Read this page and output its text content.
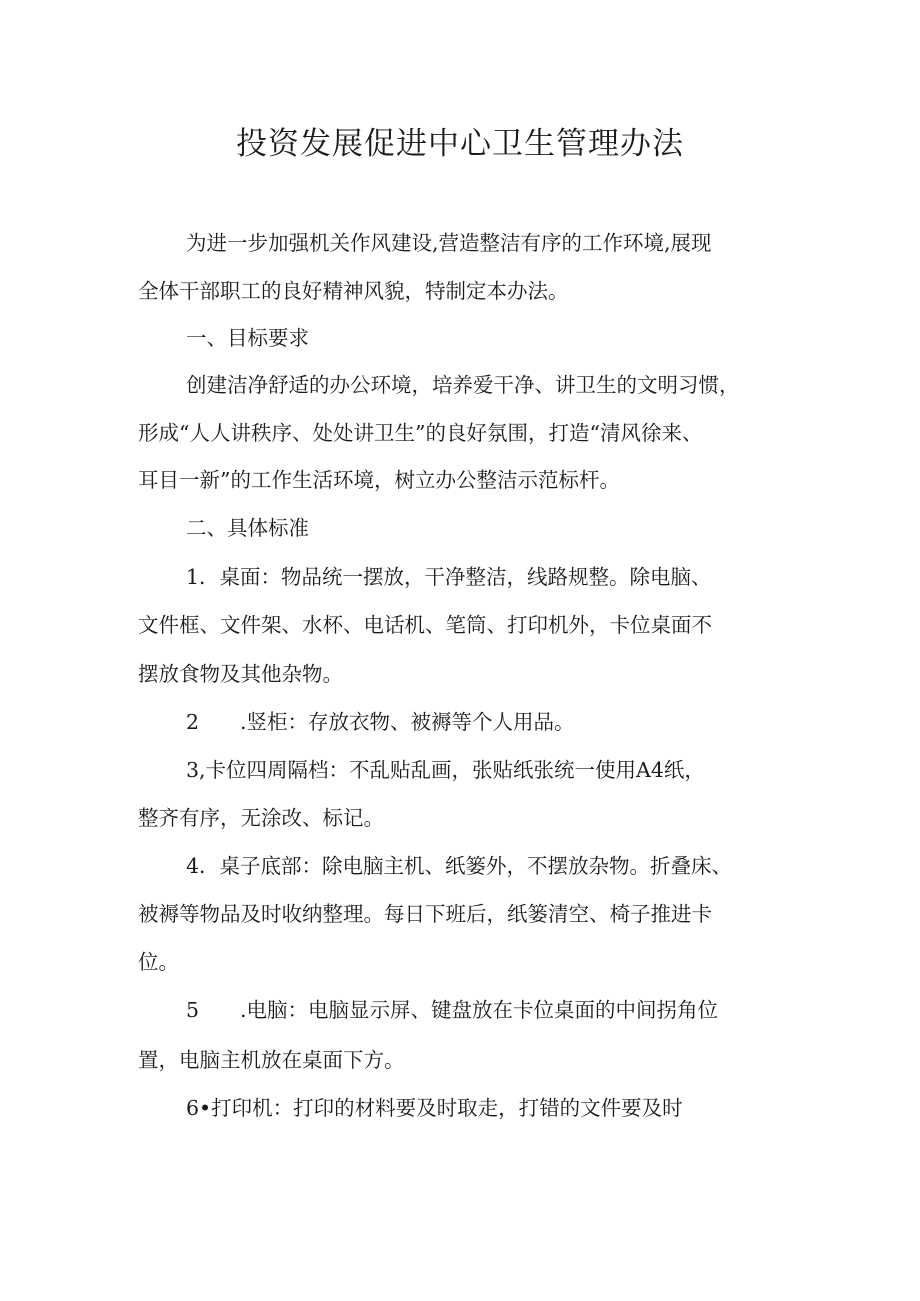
投资发展促进中心卫生管理办法

为进一步加强机关作风建设,营造整洁有序的工作环境,展现

全体干部职工的良好精神风貌，特制定本办法。

一、目标要求

创建洁净舒适的办公环境，培养爱干净、讲卫生的文明习惯，

形成“人人讲秩序、处处讲卫生”的良好氛围，打造“清风徐来、

耳目一新”的工作生活环境，树立办公整洁示范标杆。

二、具体标准

1．桌面：物品统一摆放，干净整洁，线路规整。除电脑、

文件框、文件架、水杯、电话机、笔筒、打印机外，卡位桌面不

摆放食物及其他杂物。

2　　.竖柜：存放衣物、被褥等个人用品。

3,卡位四周隔档：不乱贴乱画，张贴纸张统一使用A4纸，

整齐有序，无涂改、标记。

4．桌子底部：除电脑主机、纸篓外，不摆放杂物。折叠床、

被褥等物品及时收纳整理。每日下班后，纸篓清空、椅子推进卡

位。

5　　.电脑：电脑显示屏、键盘放在卡位桌面的中间拐角位

置，电脑主机放在桌面下方。

6•打印机：打印的材料要及时取走，打错的文件要及时
